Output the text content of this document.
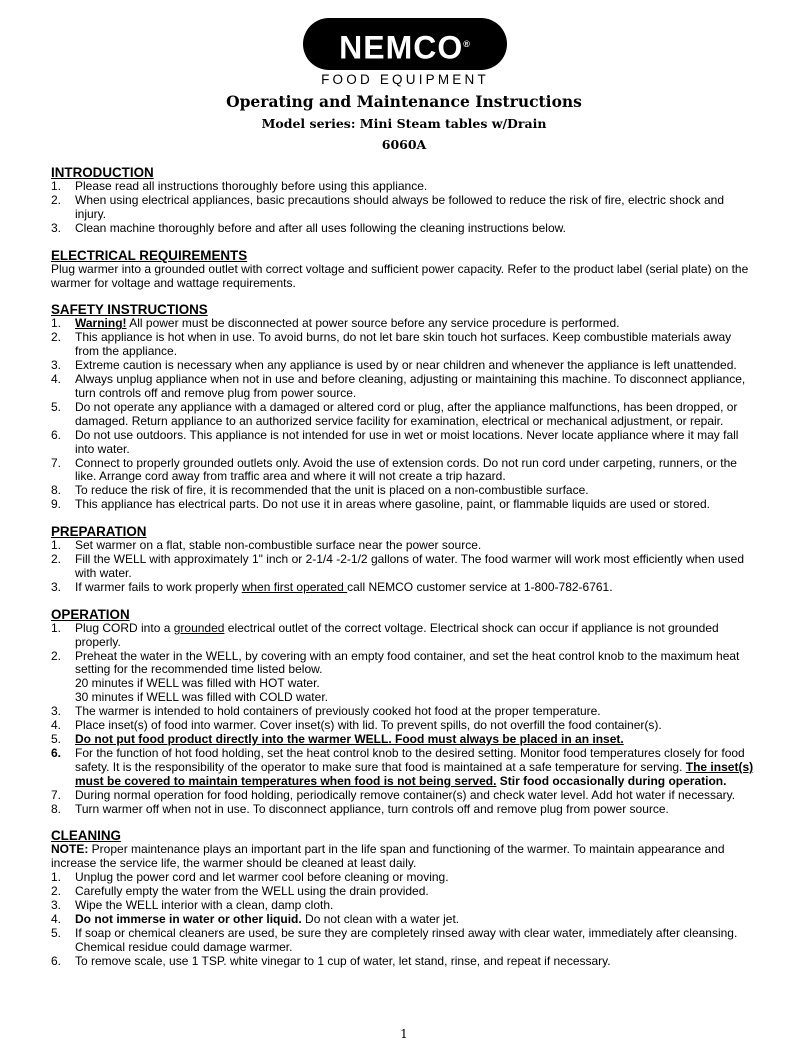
NEMCO®
FOOD EQUIPMENT
Operating and Maintenance Instructions
Model series: Mini Steam tables w/Drain
6060A
INTRODUCTION
1. Please read all instructions thoroughly before using this appliance.
2. When using electrical appliances, basic precautions should always be followed to reduce the risk of fire, electric shock and injury.
3. Clean machine thoroughly before and after all uses following the cleaning instructions below.
ELECTRICAL REQUIREMENTS

Plug warmer into a grounded outlet with correct voltage and sufficient power capacity. Refer to the product label (serial plate) on the warmer for voltage and wattage requirements.

SAFETY INSTRUCTIONS
1. Warning! All power must be disconnected at power source before any service procedure is performed.
2. This appliance is hot when in use. To avoid burns, do not let bare skin touch hot surfaces. Keep combustible materials away from the appliance.
3. Extreme caution is necessary when any appliance is used by or near children and whenever the appliance is left unattended.
4. Always unplug appliance when not in use and before cleaning, adjusting or maintaining this machine. To disconnect appliance, turn controls off and remove plug from power source.
5. Do not operate any appliance with a damaged or altered cord or plug, after the appliance malfunctions, has been dropped, or damaged. Return appliance to an authorized service facility for examination, electrical or mechanical adjustment, or repair.
6. Do not use outdoors. This appliance is not intended for use in wet or moist locations. Never locate appliance where it may fall into water.
7. Connect to properly grounded outlets only. Avoid the use of extension cords. Do not run cord under carpeting, runners, or the like. Arrange cord away from traffic area and where it will not create a trip hazard.
8. To reduce the risk of fire, it is recommended that the unit is placed on a non-combustible surface.
9. This appliance has electrical parts. Do not use it in areas where gasoline, paint, or flammable liquids are used or stored.
PREPARATION
1. Set warmer on a flat, stable non-combustible surface near the power source.
2. Fill the WELL with approximately 1" inch or 2-1/4 -2-1/2 gallons of water. The food warmer will work most efficiently when used with water.
3. If warmer fails to work properly when first operated call NEMCO customer service at 1-800-782-6761.
OPERATION
1. Plug CORD into a grounded electrical outlet of the correct voltage. Electrical shock can occur if appliance is not grounded properly.
2. Preheat the water in the WELL, by covering with an empty food container, and set the heat control knob to the maximum heat setting for the recommended time listed below.
20 minutes if WELL was filled with HOT water.
30 minutes if WELL was filled with COLD water.
3. The warmer is intended to hold containers of previously cooked hot food at the proper temperature.
4. Place inset(s) of food into warmer. Cover inset(s) with lid. To prevent spills, do not overfill the food container(s).
5. Do not put food product directly into the warmer WELL. Food must always be placed in an inset.
6. For the function of hot food holding, set the heat control knob to the desired setting. Monitor food temperatures closely for food safety. It is the responsibility of the operator to make sure that food is maintained at a safe temperature for serving. The inset(s) must be covered to maintain temperatures when food is not being served. Stir food occasionally during operation.
7. During normal operation for food holding, periodically remove container(s) and check water level. Add hot water if necessary.
8. Turn warmer off when not in use. To disconnect appliance, turn controls off and remove plug from power source.
CLEANING

NOTE: Proper maintenance plays an important part in the life span and functioning of the warmer. To maintain appearance and increase the service life, the warmer should be cleaned at least daily.

1. Unplug the power cord and let warmer cool before cleaning or moving.
2. Carefully empty the water from the WELL using the drain provided.
3. Wipe the WELL interior with a clean, damp cloth.
4. Do not immerse in water or other liquid. Do not clean with a water jet.
5. If soap or chemical cleaners are used, be sure they are completely rinsed away with clear water, immediately after cleansing. Chemical residue could damage warmer.
6. To remove scale, use 1 TSP. white vinegar to 1 cup of water, let stand, rinse, and repeat if necessary.
1
